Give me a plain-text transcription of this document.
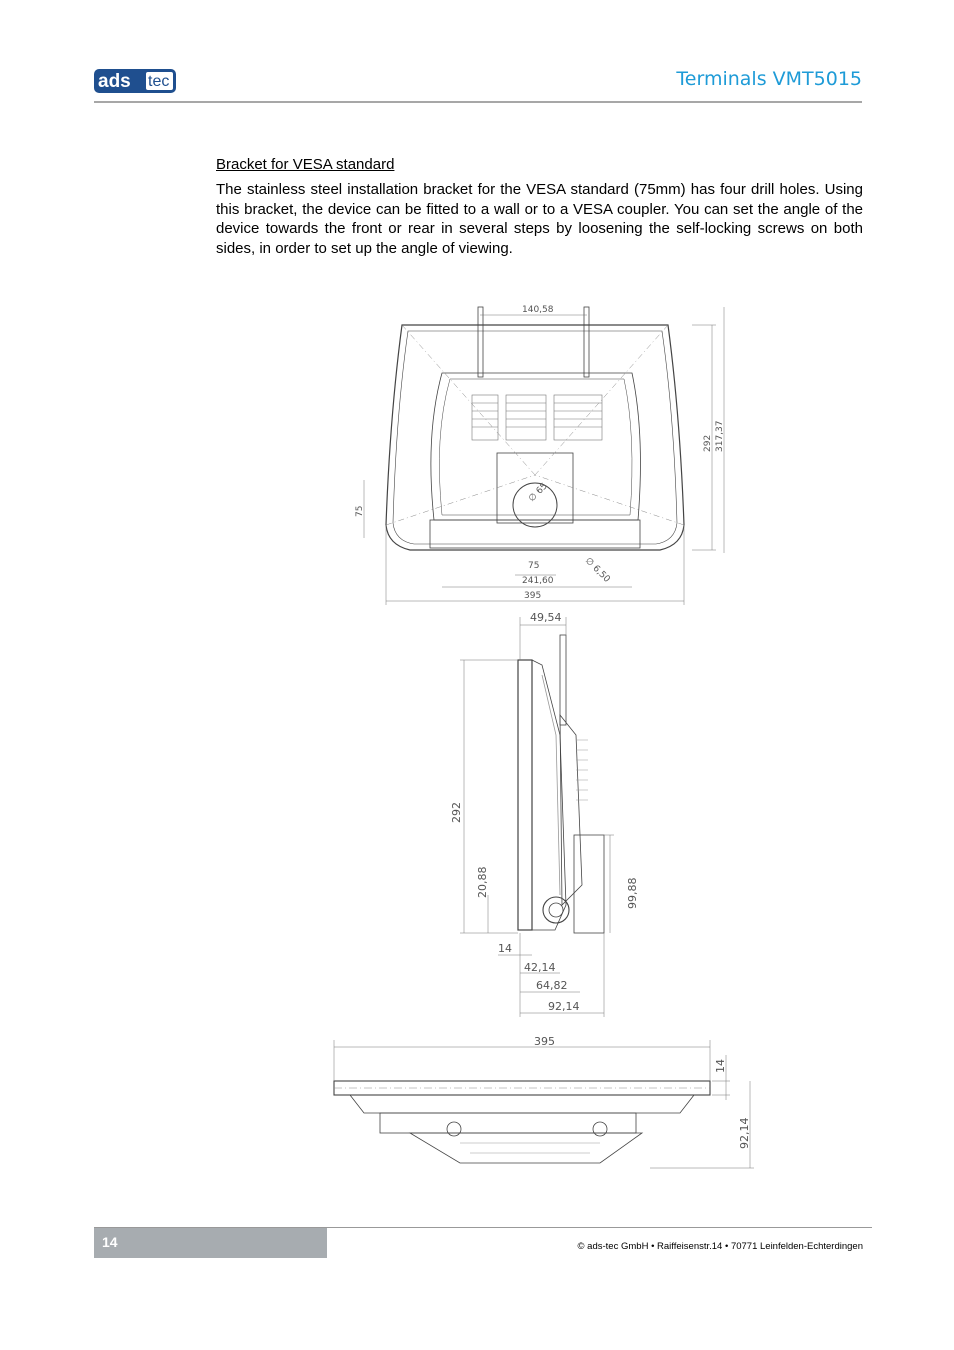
ads tec	Terminals VMT5015
Bracket for VESA standard
The stainless steel installation bracket for the VESA standard (75mm) has four drill holes. Using this bracket, the device can be fitted to a wall or to a VESA coupler. You can set the angle of the device towards the front or rear in several steps by loosening the self-locking screws on both sides, in order to set up the angle of viewing.
140,58
292 317,37
75
∅ 65
∅ 6,50
75
241,60
395
49,54
292
20,88	99,88
14
42,14
64,82
92,14
395
14
92,14
14	© ads-tec GmbH • Raiffeisenstr.14 • 70771 Leinfelden-Echterdingen
